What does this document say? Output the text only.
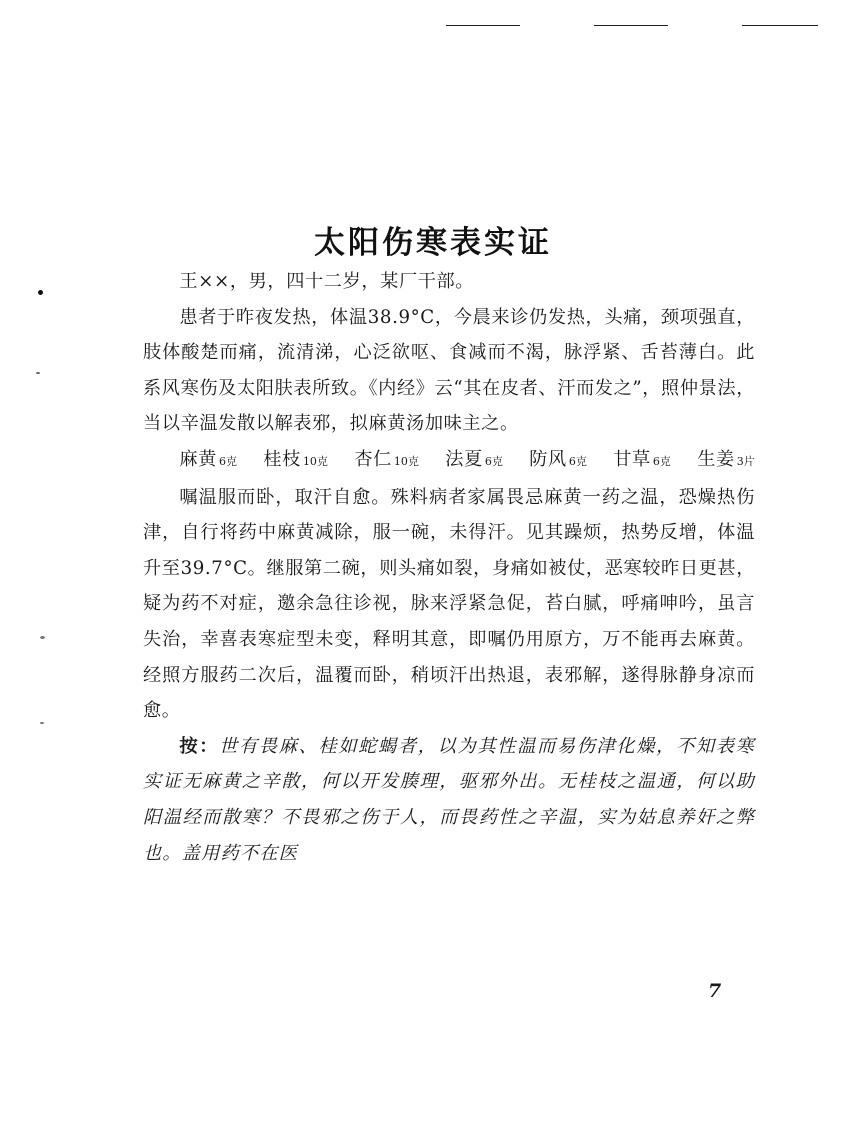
太阳伤寒表实证

王××，男，四十二岁，某厂干部。

患者于昨夜发热，体温38.9°C，今晨来诊仍发热，头痛，颈项强直，肢体酸楚而痛，流清涕，心泛欲呕、食减而不渴，脉浮紧、舌苔薄白。此系风寒伤及太阳肤表所致。《内经》云“其在皮者、汗而发之”，照仲景法，当以辛温发散以解表邪，拟麻黄汤加味主之。

麻黄 6克 桂枝 10克 杏仁 10克 法夏 6克 防风 6克 甘草 6克 生姜 3片

嘱温服而卧，取汗自愈。殊料病者家属畏忌麻黄一药之温，恐燥热伤津，自行将药中麻黄减除，服一碗，未得汗。见其躁烦，热势反增，体温升至39.7°C。继服第二碗，则头痛如裂，身痛如被仗，恶寒较昨日更甚，疑为药不对症，邀余急往诊视，脉来浮紧急促，苔白腻，呼痛呻吟，虽言失治，幸喜表寒症型未变，释明其意，即嘱仍用原方，万不能再去麻黄。经照方服药二次后，温覆而卧，稍顷汗出热退，表邪解，遂得脉静身凉而愈。

按：世有畏麻、桂如蛇蝎者，以为其性温而易伤津化燥，不知表寒实证无麻黄之辛散，何以开发腠理，驱邪外出。无桂枝之温通，何以助阳温经而散寒？不畏邪之伤于人，而畏药性之辛温，实为姑息养奸之弊也。盖用药不在医

7
